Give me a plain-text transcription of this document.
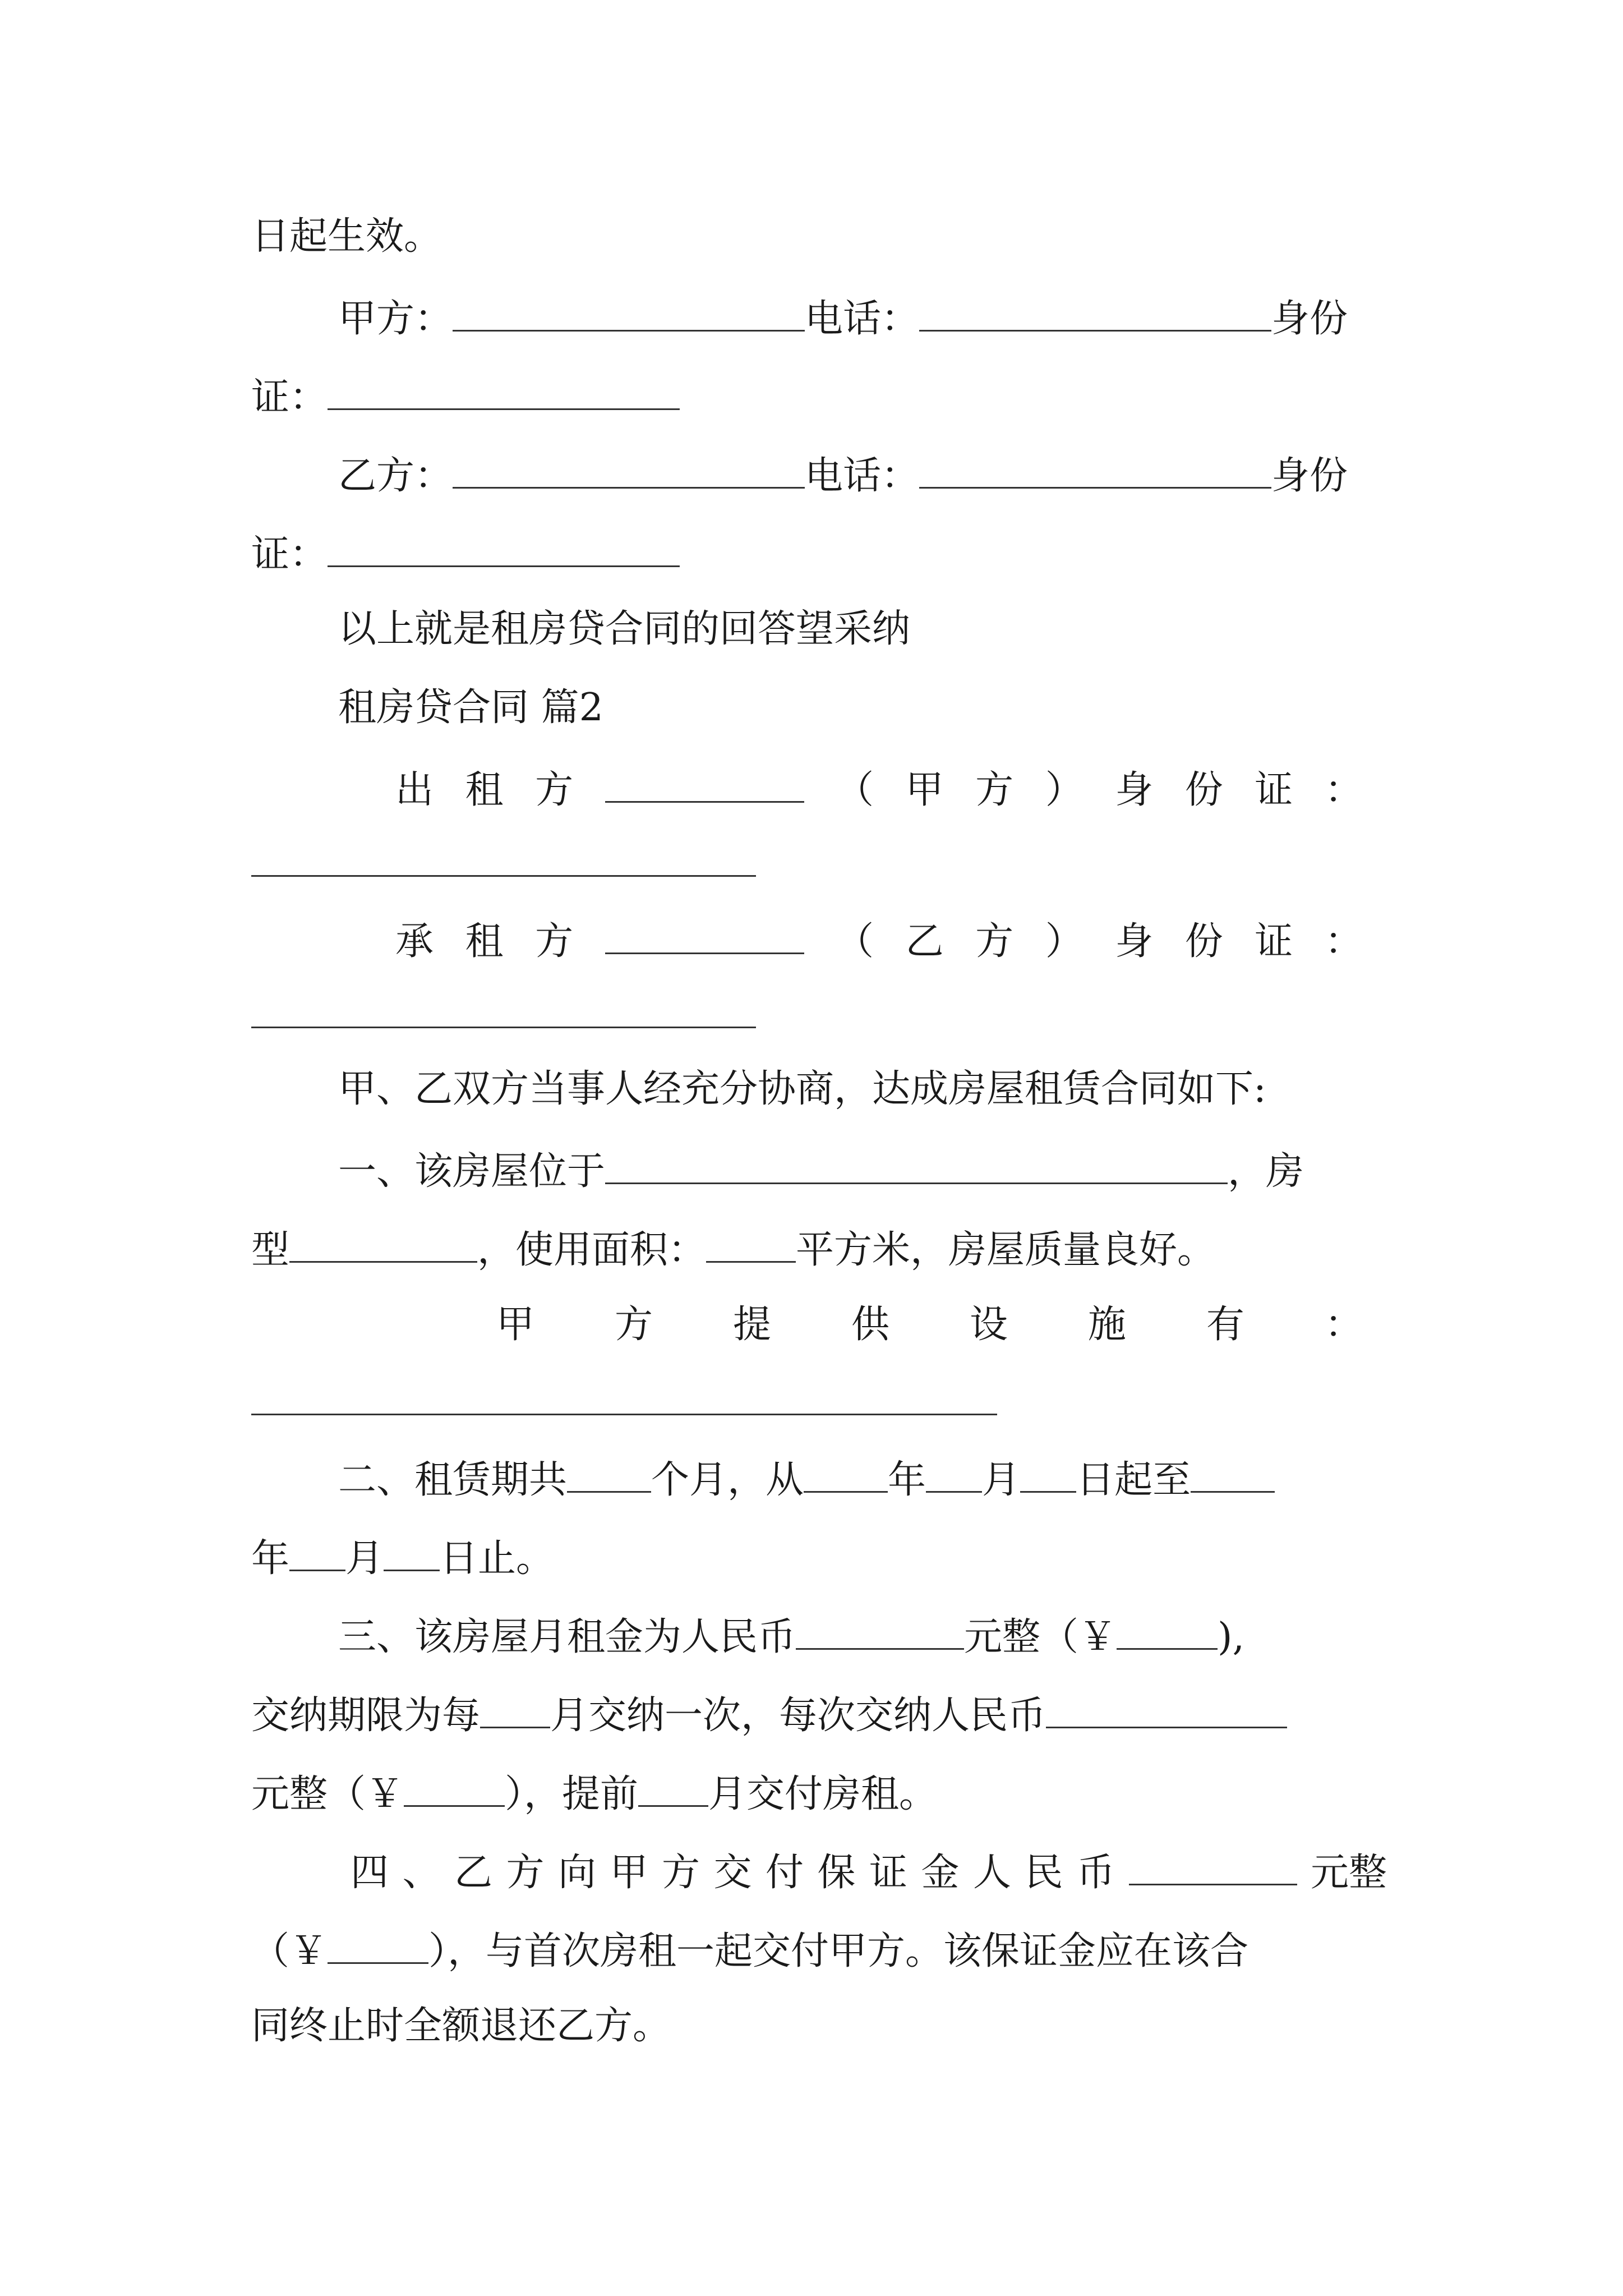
日起生效。
甲方：	电话：	身份
证：
乙方：	电话：	身份
证：
以上就是租房贷合同的回答望采纳
租房贷合同 篇2
出 租 方	（ 甲 方 ） 身 份 证 ：
承 租 方	（ 乙 方 ） 身 份 证 ：
甲、乙双方当事人经充分协商，达成房屋租赁合同如下:
一、该房屋位于	，房
型	，使用面积： 平方米，房屋质量良好。
甲 方 提 供 设 施 有 ：
二、租赁期共 个月，从 年 月 日起至
年 月 日止。
三、该房屋月租金为人民币	元整（￥	),
交纳期限为每 月交纳一次，每次交纳人民币
元整（￥	），提前 月交付房租。
四 、 乙 方 向 甲 方 交 付 保 证 金 人 民 币	元整
（￥	），与首次房租一起交付甲方。该保证金应在该合
同终止时全额退还乙方。
